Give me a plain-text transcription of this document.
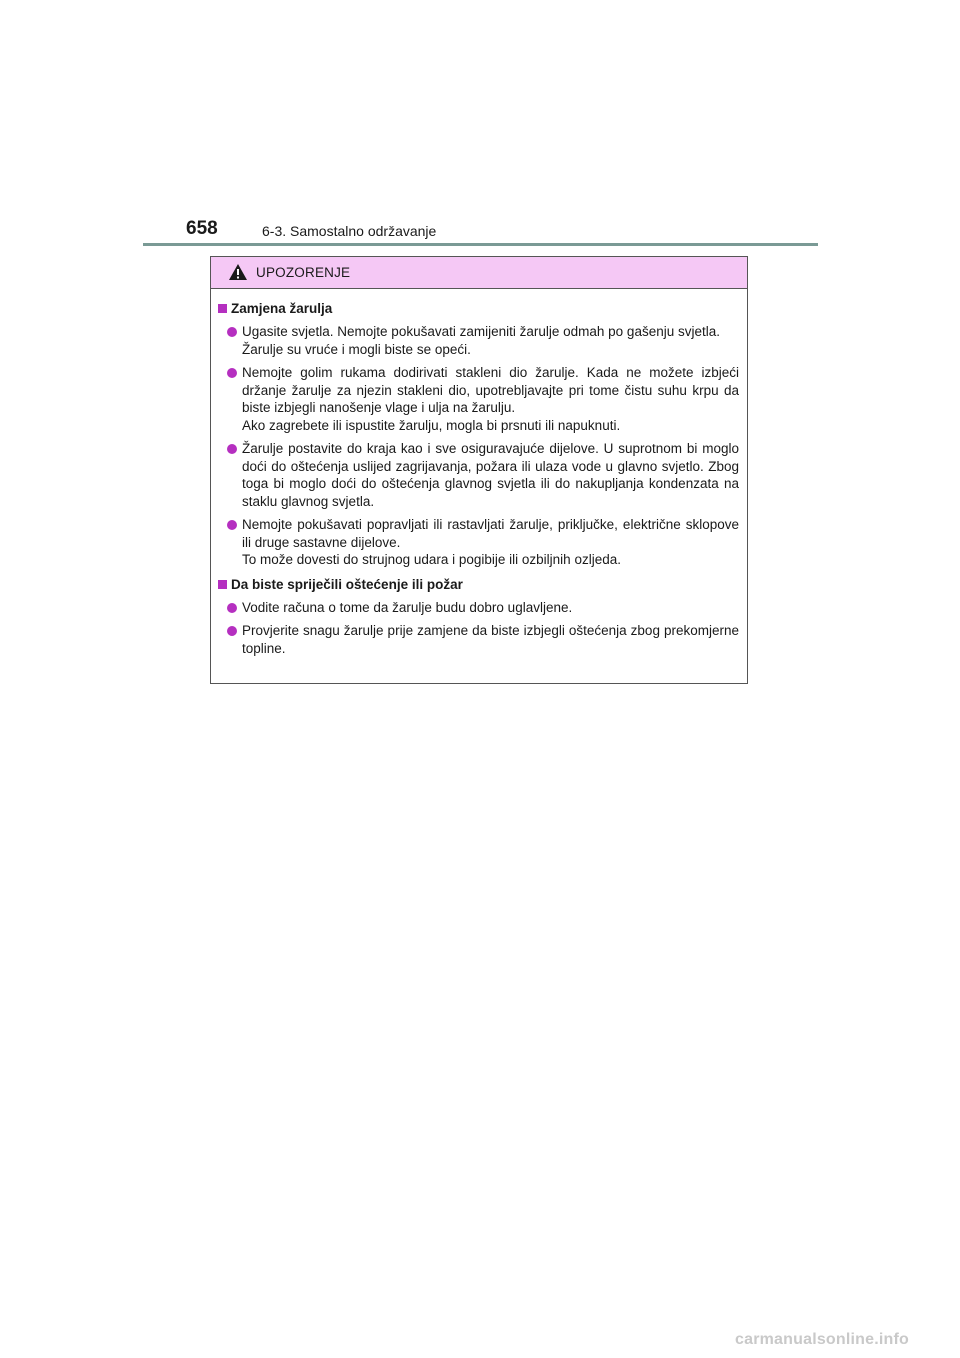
658	6-3. Samostalno održavanje
UPOZORENJE
Zamjena žarulja
Ugasite svjetla. Nemojte pokušavati zamijeniti žarulje odmah po gašenju svjetla.
Žarulje su vruće i mogli biste se opeći.
Nemojte golim rukama dodirivati stakleni dio žarulje. Kada ne možete izbjeći držanje žarulje za njezin stakleni dio, upotrebljavajte pri tome čistu suhu krpu da biste izbjegli nanošenje vlage i ulja na žarulju.
Ako zagrebete ili ispustite žarulju, mogla bi prsnuti ili napuknuti.
Žarulje postavite do kraja kao i sve osiguravajuće dijelove. U suprotnom bi moglo doći do oštećenja uslijed zagrijavanja, požara ili ulaza vode u glavno svjetlo. Zbog toga bi moglo doći do oštećenja glavnog svjetla ili do nakupljanja kondenzata na staklu glavnog svjetla.
Nemojte pokušavati popravljati ili rastavljati žarulje, priključke, električne sklopove ili druge sastavne dijelove.
To može dovesti do strujnog udara i pogibije ili ozbiljnih ozljeda.
Da biste spriječili oštećenje ili požar
Vodite računa o tome da žarulje budu dobro uglavljene.
Provjerite snagu žarulje prije zamjene da biste izbjegli oštećenja zbog prekomjerne topline.
carmanualsonline.info
